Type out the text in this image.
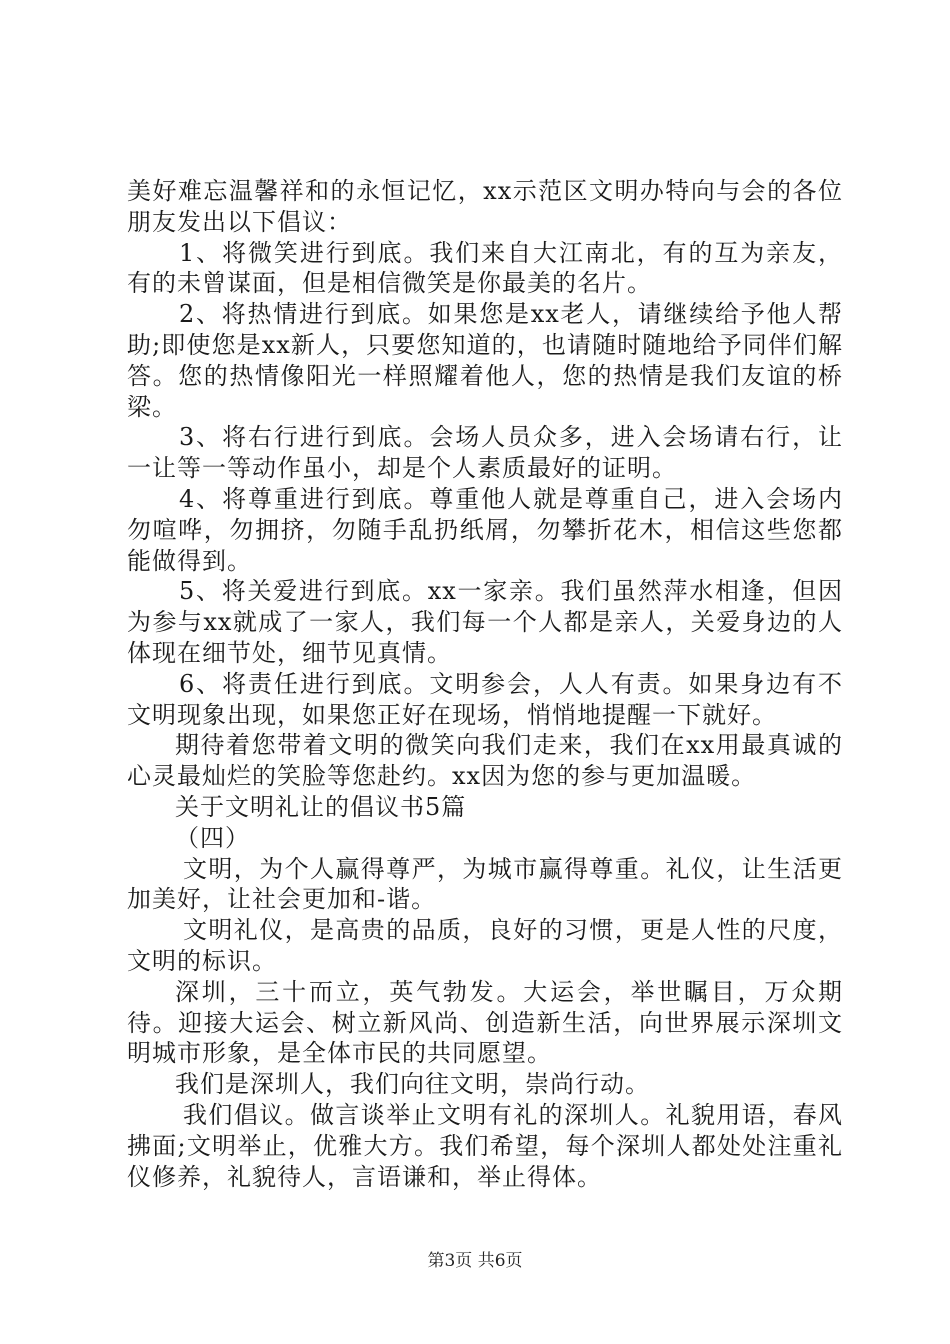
美好难忘温馨祥和的永恒记忆，xx示范区文明办特向与会的各位朋友发出以下倡议：

1、将微笑进行到底。我们来自大江南北，有的互为亲友，有的未曾谋面，但是相信微笑是你最美的名片。

2、将热情进行到底。如果您是xx老人，请继续给予他人帮助;即使您是xx新人，只要您知道的，也请随时随地给予同伴们解答。您的热情像阳光一样照耀着他人，您的热情是我们友谊的桥梁。

3、将右行进行到底。会场人员众多，进入会场请右行，让一让等一等动作虽小，却是个人素质最好的证明。

4、将尊重进行到底。尊重他人就是尊重自己，进入会场内勿喧哗，勿拥挤，勿随手乱扔纸屑，勿攀折花木，相信这些您都能做得到。

5、将关爱进行到底。xx一家亲。我们虽然萍水相逢，但因为参与xx就成了一家人，我们每一个人都是亲人，关爱身边的人体现在细节处，细节见真情。

6、将责任进行到底。文明参会，人人有责。如果身边有不文明现象出现，如果您正好在现场，悄悄地提醒一下就好。

期待着您带着文明的微笑向我们走来，我们在xx用最真诚的心灵最灿烂的笑脸等您赴约。xx因为您的参与更加温暖。

关于文明礼让的倡议书5篇

（四）

文明，为个人赢得尊严，为城市赢得尊重。礼仪，让生活更加美好，让社会更加和-谐。

文明礼仪，是高贵的品质，良好的习惯，更是人性的尺度，文明的标识。

深圳，三十而立，英气勃发。大运会，举世瞩目，万众期待。迎接大运会、树立新风尚、创造新生活，向世界展示深圳文明城市形象，是全体市民的共同愿望。

我们是深圳人，我们向往文明，崇尚行动。

我们倡议。做言谈举止文明有礼的深圳人。礼貌用语，春风拂面;文明举止，优雅大方。我们希望，每个深圳人都处处注重礼仪修养，礼貌待人，言语谦和，举止得体。

第3页 共6页
